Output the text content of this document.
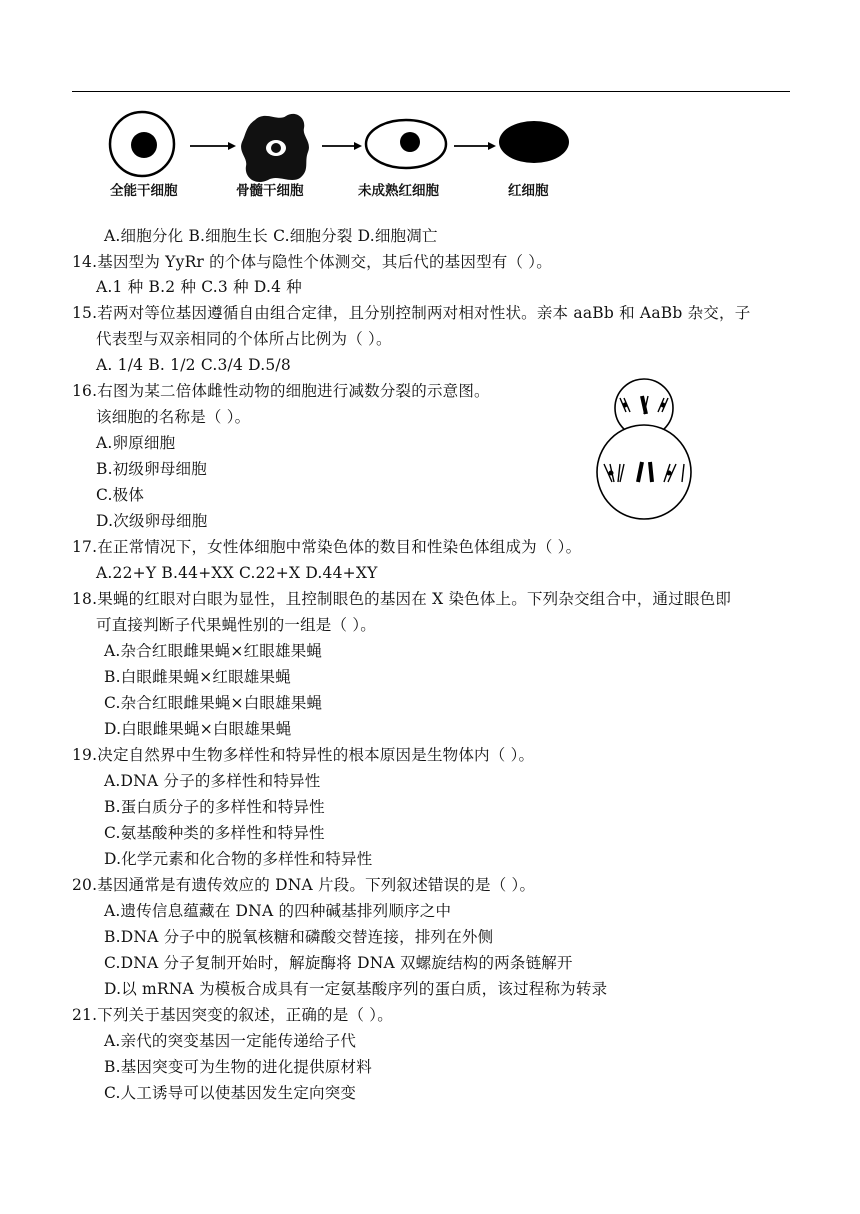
全能干细胞	骨髓干细胞	未成熟红细胞	红细胞
A.细胞分化 B.细胞生长 C.细胞分裂 D.细胞凋亡
14.基因型为 YyRr 的个体与隐性个体测交，其后代的基因型有（ ）。
A.1 种 B.2 种 C.3 种 D.4 种
15.若两对等位基因遵循自由组合定律，且分别控制两对相对性状。亲本 aaBb 和 AaBb 杂交，子
代表型与双亲相同的个体所占比例为（ ）。
A. 1/4 B. 1/2 C.3/4 D.5/8
16.右图为某二倍体雌性动物的细胞进行减数分裂的示意图。
该细胞的名称是（ ）。
A.卵原细胞
B.初级卵母细胞
C.极体
D.次级卵母细胞
17.在正常情况下，女性体细胞中常染色体的数目和性染色体组成为（ ）。
A.22+Y B.44+XX C.22+X D.44+XY
18.果蝇的红眼对白眼为显性，且控制眼色的基因在 X 染色体上。下列杂交组合中，通过眼色即
可直接判断子代果蝇性别的一组是（ ）。
A.杂合红眼雌果蝇×红眼雄果蝇
B.白眼雌果蝇×红眼雄果蝇
C.杂合红眼雌果蝇×白眼雄果蝇
D.白眼雌果蝇×白眼雄果蝇
19.决定自然界中生物多样性和特异性的根本原因是生物体内（ ）。
A.DNA 分子的多样性和特异性
B.蛋白质分子的多样性和特异性
C.氨基酸种类的多样性和特异性
D.化学元素和化合物的多样性和特异性
20.基因通常是有遗传效应的 DNA 片段。下列叙述错误的是（ ）。
A.遗传信息蕴藏在 DNA 的四种碱基排列顺序之中
B.DNA 分子中的脱氧核糖和磷酸交替连接，排列在外侧
C.DNA 分子复制开始时，解旋酶将 DNA 双螺旋结构的两条链解开
D.以 mRNA 为模板合成具有一定氨基酸序列的蛋白质，该过程称为转录
21.下列关于基因突变的叙述，正确的是（ ）。
A.亲代的突变基因一定能传递给子代
B.基因突变可为生物的进化提供原材料
C.人工诱导可以使基因发生定向突变
